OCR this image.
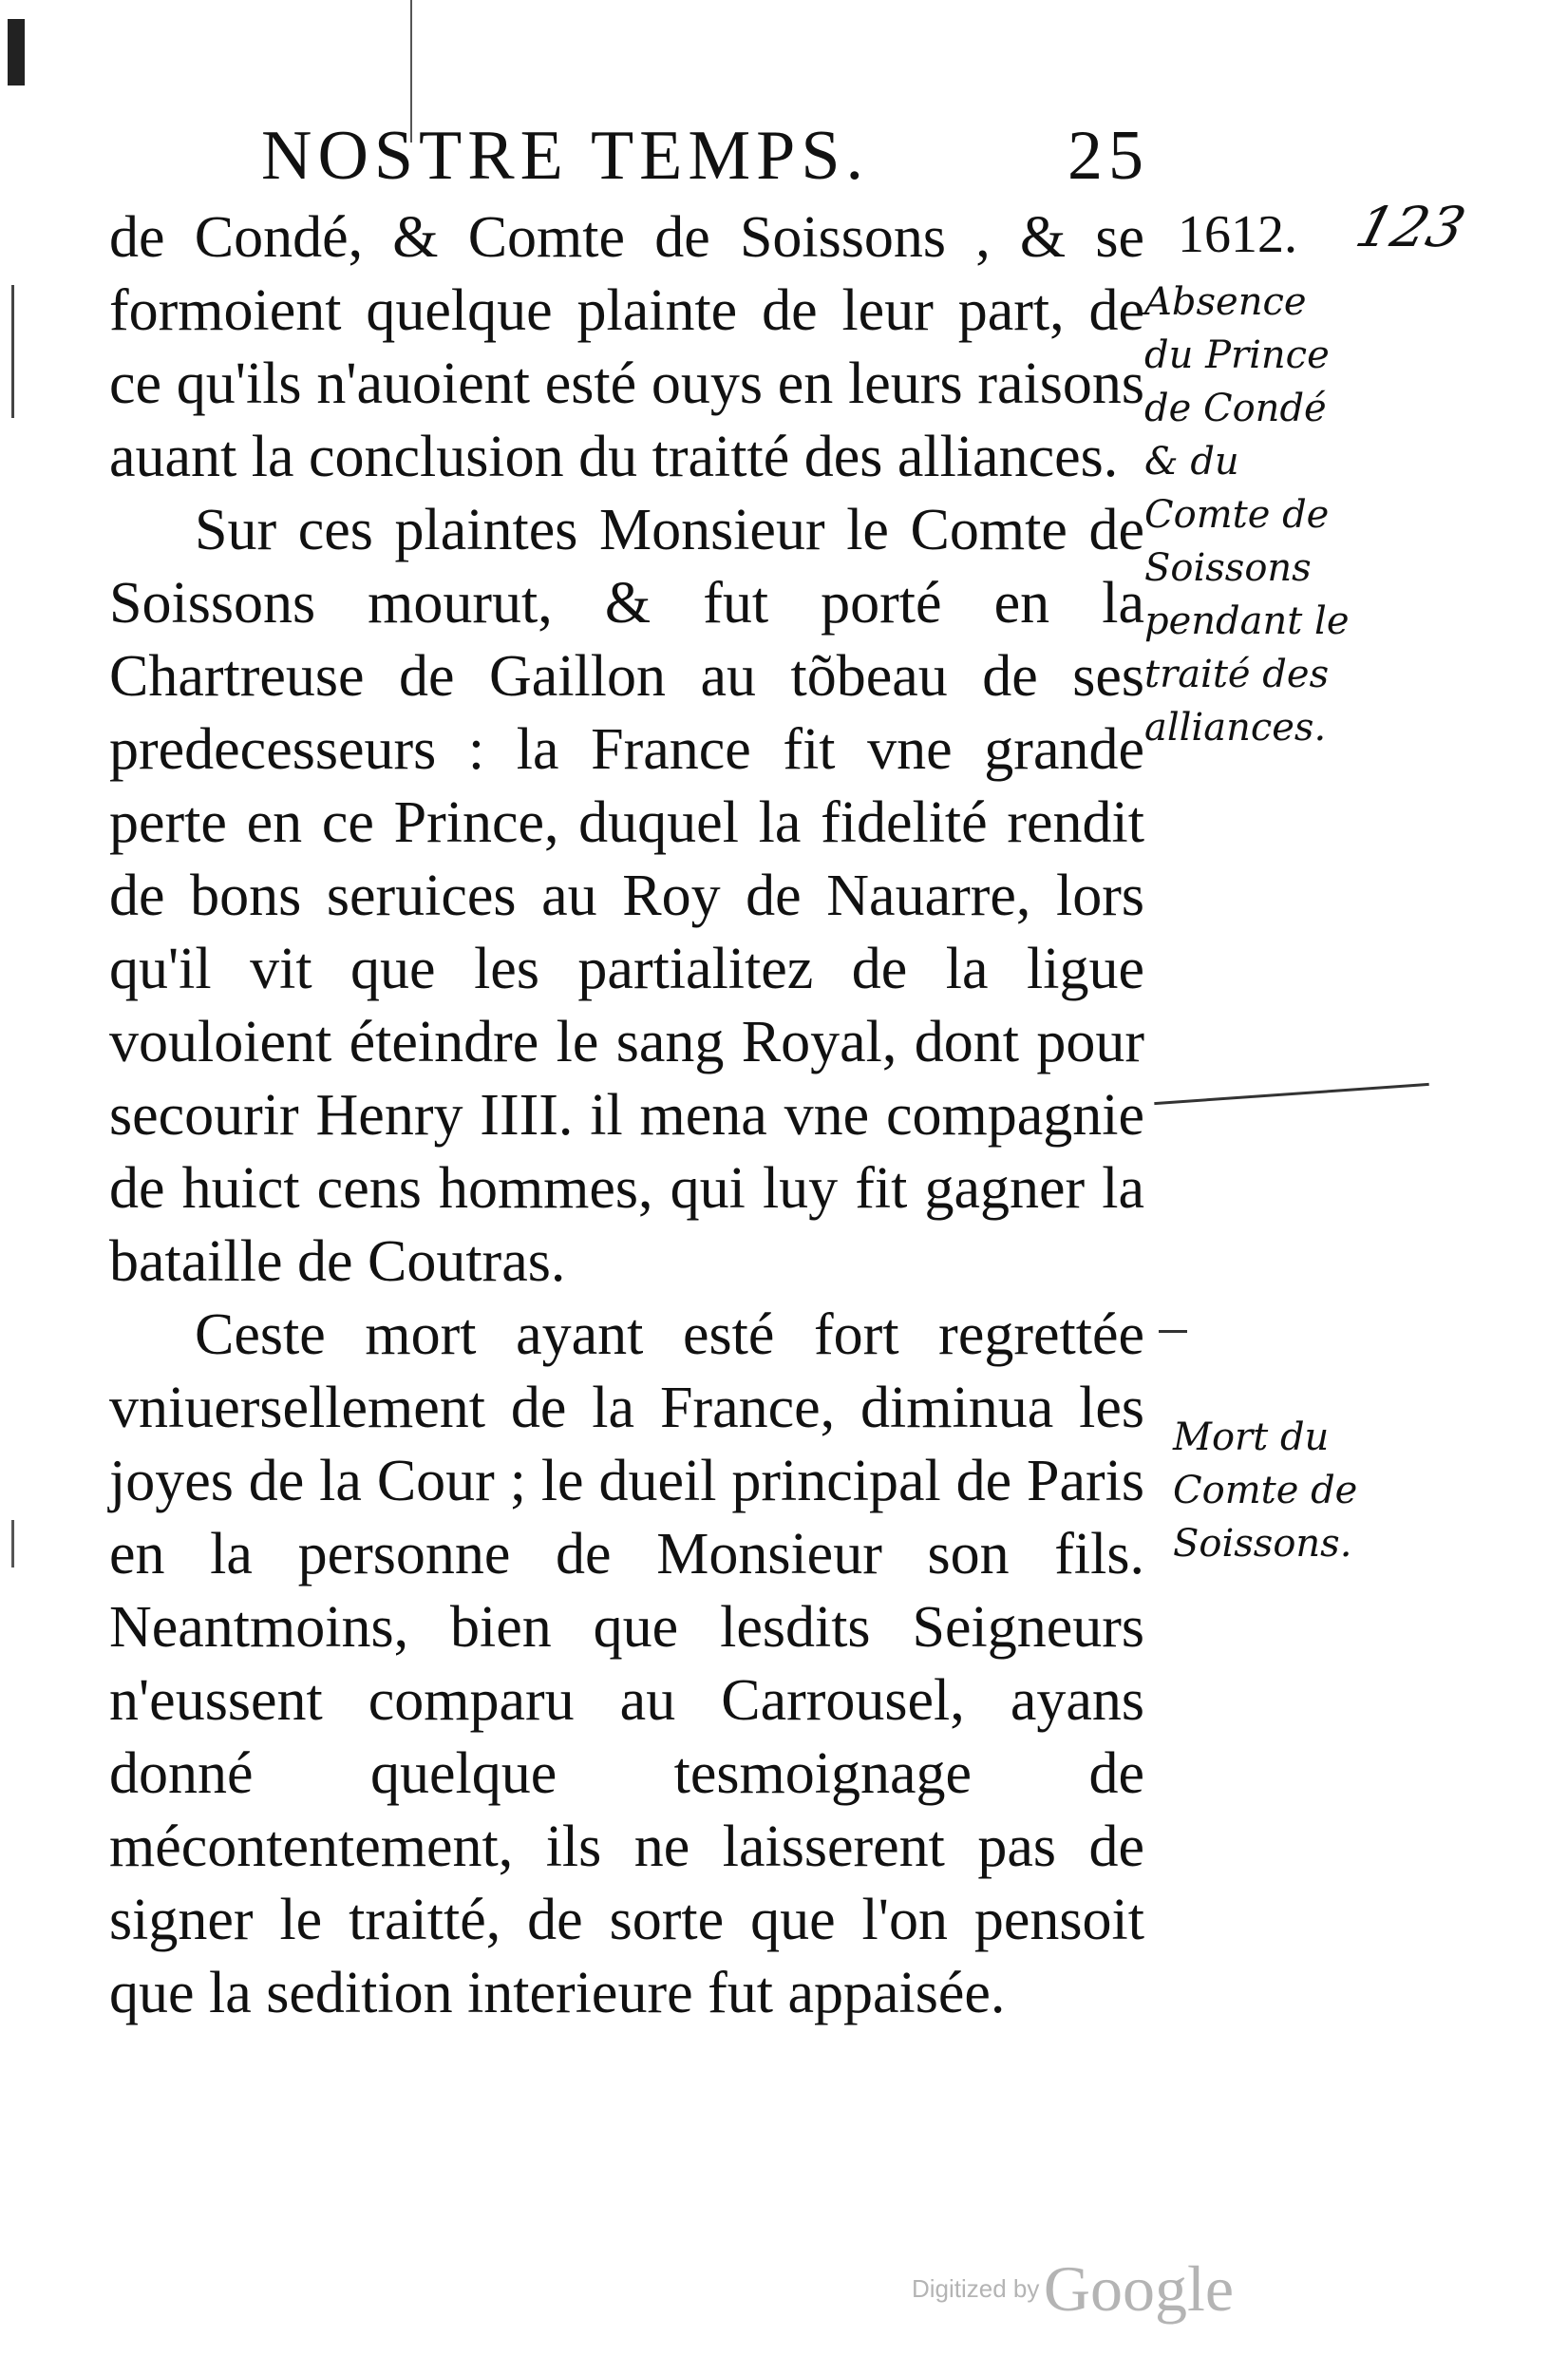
NOSTRE TEMPS.	25
1612. 123
Absence du Prince de Condé & du Comte de Soissons pendant le traité des alliances.
Mort du Comte de Soissons.

de Condé, & Comte de Soissons , & se formoient quelque plainte de leur part, de ce qu'ils n'auoient esté ouys en leurs raisons auant la conclusion du traitté des alliances.

Sur ces plaintes Monsieur le Comte de Soissons mourut, & fut porté en la Chartreuse de Gaillon au tõbeau de ses predecesseurs : la France fit vne grande perte en ce Prince, duquel la fidelité rendit de bons seruices au Roy de Nauarre, lors qu'il vit que les partialitez de la ligue vouloient éteindre le sang Royal, dont pour secourir Henry IIII. il mena vne compagnie de huict cens hommes, qui luy fit gagner la bataille de Coutras.

Ceste mort ayant esté fort regrettée vniuersellement de la France, diminua les joyes de la Cour ; le dueil principal de Paris en la personne de Monsieur son fils. Neantmoins, bien que lesdits Seigneurs n'eussent comparu au Carrousel, ayans donné quelque tesmoignage de mécontentement, ils ne laisserent pas de signer le traitté, de sorte que l'on pensoit que la sedition interieure fut appaisée.

Digitized by Google
